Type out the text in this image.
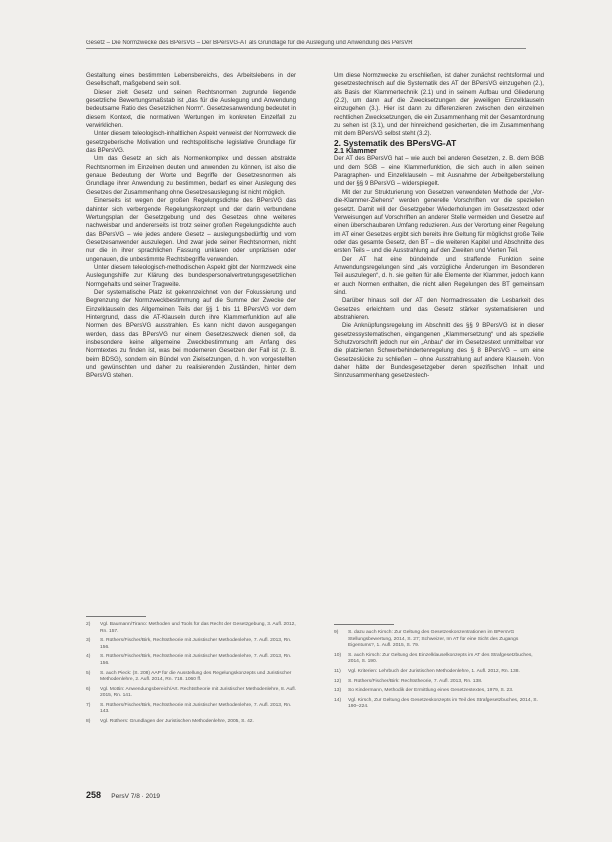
Gesetz – Die Normzwecke des BPersVG – Der BPersVG-AT als Grundlage für die Auslegung und Anwendung des PersVR

Gestaltung eines bestimmten Lebensbereichs, des Arbeitslebens in der Gesellschaft, maßgebend sein soll.

Dieser zielt Gesetz und seinen Rechtsnormen zugrunde liegende gesetzliche Bewertungsmaßstab ist „das für die Auslegung und Anwendung bedeutsame Ratio des Gesetzlichen Norm“. Gesetzesanwendung bedeutet in diesem Kontext, die normativen Wertungen im konkreten Einzelfall zu verwirklichen.

Unter diesem teleologisch-inhaltlichen Aspekt verweist der Normzweck die gesetzgeberische Motivation und rechtspolitische legislative Grundlage für das BPersVG.

Um das Gesetz an sich als Normenkomplex und dessen abstrakte Rechtsnormen im Einzelnen deuten und anwenden zu können, ist also die genaue Bedeutung der Worte und Begriffe der Gesetzesnormen als Grundlage ihrer Anwendung zu bestimmen, bedarf es einer Auslegung des Gesetzes der Zusammenhang ohne Gesetzesauslegung ist nicht möglich.

Einerseits ist wegen der großen Regelungsdichte des BPersVG das dahinter sich verbergende Regelungskonzept und der darin verbundene Wertungsplan der Gesetzgebung und des Gesetzes ohne weiteres nachweisbar und andererseits ist trotz seiner großen Regelungsdichte auch das BPersVG – wie jedes andere Gesetz – auslegungsbedürftig und vom Gesetzesanwender auszulegen. Und zwar jede seiner Rechtsnormen, nicht nur die in ihrer sprachlichen Fassung unklaren oder unpräzisen oder ungenauen, die unbestimmte Rechtsbegriffe verwenden.

Unter diesem teleologisch-methodischen Aspekt gibt der Normzweck eine Auslegungshilfe zur Klärung des bundespersonalvertretungsgesetzlichen Normgehalts und seiner Tragweite.

Der systematische Platz ist gekennzeichnet von der Fokussierung und Begrenzung der Normzweckbestimmung auf die Summe der Zwecke der Einzelklauseln des Allgemeinen Teils der §§ 1 bis 11 BPersVG vor dem Hintergrund, dass die AT-Klauseln durch ihre Klammerfunktion auf alle Normen des BPersVG ausstrahlen. Es kann nicht davon ausgegangen werden, dass das BPersVG nur einem Gesetzeszweck dienen soll, da insbesondere keine allgemeine Zweckbestimmung am Anfang des Normtextes zu finden ist, was bei moderneren Gesetzen der Fall ist (z. B. beim BDSG), sondern ein Bündel von Zielsetzungen, d. h. von vorgestellten und gewünschten und daher zu realisierenden Zuständen, hinter dem BPersVG stehen.

Um diese Normzwecke zu erschließen, ist daher zunächst rechtsformal und gesetzestechnisch auf die Systematik des AT der BPersVG einzugehen (2.), als Basis der Klammertechnik (2.1) und in seinem Aufbau und Gliederung (2.2), um dann auf die Zwecksetzungen der jeweiligen Einzelklauseln einzugehen (3.). Hier ist dann zu differenzieren zwischen den einzelnen rechtlichen Zwecksetzungen, die ein Zusammenhang mit der Gesamtordnung zu sehen ist (3.1), und der hinreichend gesicherten, die im Zusammenhang mit dem BPersVG selbst steht (3.2).

2. Systematik des BPersVG-AT

2.1 Klammer

Der AT des BPersVG hat – wie auch bei anderen Gesetzen, z. B. dem BGB und dem SGB – eine Klammerfunktion, die sich auch in allen seinen Paragraphen- und Einzelklauseln – mit Ausnahme der Arbeitgeberstellung und der §§ 9 BPersVG – widerspiegelt.

Mit der zur Strukturierung von Gesetzen verwendeten Methode der „Vor-die-Klammer-Ziehens“ werden generelle Vorschriften vor die speziellen gesetzt. Damit will der Gesetzgeber Wiederholungen im Gesetzestext oder Verweisungen auf Vorschriften an anderer Stelle vermeiden und Gesetze auf einen überschaubaren Umfang reduzieren. Aus der Verortung einer Regelung im AT einer Gesetzes ergibt sich bereits ihre Geltung für möglichst große Teile oder das gesamte Gesetz, den BT – die weiteren Kapitel und Abschnitte des ersten Teils – und die Ausstrahlung auf den Zweiten und Vierten Teil.

Der AT hat eine bündelnde und straffende Funktion seine Anwendungsregelungen sind „als vorzügliche Änderungen im Besonderen Teil auszulegen“, d. h. sie gelten für alle Elemente der Klammer, jedoch kann er auch Normen enthalten, die nicht allen Regelungen des BT gemeinsam sind.

Darüber hinaus soll der AT den Normadressaten die Lesbarkeit des Gesetzes erleichtern und das Gesetz stärker systematisieren und abstrahieren.

Die Anknüpfungsregelung im Abschnitt des §§ 9 BPersVG ist in dieser gesetzessystematischen, eingangenen „Klammersetzung“ und als spezielle Schutzvorschrift jedoch nur ein „Anbau“ der im Gesetzestext unmittelbar vor die platzierten Schwerbehindertenregelung des § 8 BPersVG – um eine Gesetzeslücke zu schließen – ohne Ausstrahlung auf andere Klauseln. Von daher hätte der Bundesgesetzgeber deren spezifischen Inhalt und Sinnzusammenhang gesetzestech-

2)	Vgl. Baumann/Tirano: Methoden und Tools für das Recht der Gesetzgebung, 3. Aufl. 2012, Rn. 157.
3)	S. Rüthers/Fischer/Birk, Rechtstheorie mit Juristischer Methodenlehre, 7. Aufl. 2013, Rn. 156.
4)	S. Rüthers/Fischer/Birk, Rechtstheorie mit Juristischer Methodenlehre, 7. Aufl. 2013, Rn. 156.
5)	S. auch Pieck: (S. 208) AAP für die Ausstellung des Regelungskonzepts und Juristischer Methodenlehre, 2. Aufl. 2014, Rn. 718. 1060 ff.
6)	Vgl. Mottin: Anwendungsbereich/Art. Rechtstheorie mit Juristischer Methodenlehre, 8. Aufl. 2015, Rn. 141.
7)	S. Rüthers/Fischer/Birk, Rechtstheorie mit Juristischer Methodenlehre, 7. Aufl. 2013, Rn. 143.
8)	Vgl. Rüthers: Grundlagen der Juristischen Methodenlehre, 2005, S. 42.
9)	S. dazu auch Kirsch: Zur Geltung des Gesetzeskonzentrationen im BPersVG Stellungsbewertung, 2014, S. 27; Schweizer, Im AT für eine Sicht des Zugangs Eigentums?, 1. Aufl. 2015, S. 79.
10)	S. auch Kirsch: Zur Geltung des Einzelklauselkonzepts im AT des Strafgesetzbuches, 2014, S. 190.
11)	Vgl. Kriterien: Lehrbuch der Juristischen Methodenlehre, 1. Aufl. 2012, Rn. 138.
12)	S. Rüthers/Fischer/Birk: Rechtstheorie, 7. Aufl. 2013, Rn. 138.
13)	So Kindermann, Methodik der Ermittlung eines Gesetzestextes, 1979, S. 23.
14)	Vgl. Kirsch, Zur Geltung des Gesetzeskonzepts im Teil des Strafgesetzbuches, 2014, S. 190–224.
258 PersV 7/8 · 2019
